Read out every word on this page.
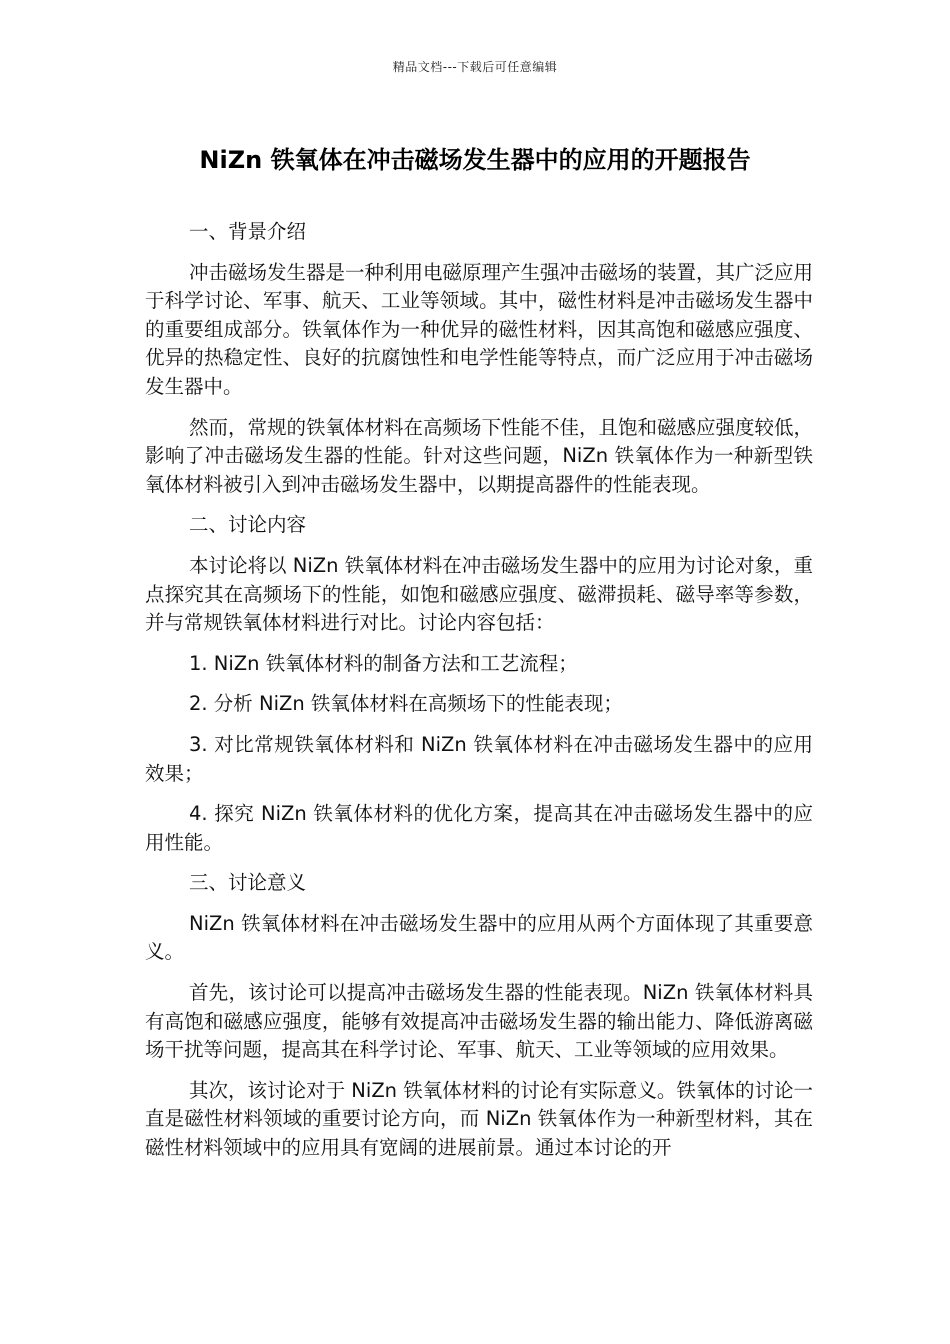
精品文档---下载后可任意编辑
NiZn 铁氧体在冲击磁场发生器中的应用的开题报告

一、背景介绍

冲击磁场发生器是一种利用电磁原理产生强冲击磁场的装置，其广泛应用于科学讨论、军事、航天、工业等领域。其中，磁性材料是冲击磁场发生器中的重要组成部分。铁氧体作为一种优异的磁性材料，因其高饱和磁感应强度、优异的热稳定性、良好的抗腐蚀性和电学性能等特点，而广泛应用于冲击磁场发生器中。

然而，常规的铁氧体材料在高频场下性能不佳，且饱和磁感应强度较低，影响了冲击磁场发生器的性能。针对这些问题，NiZn 铁氧体作为一种新型铁氧体材料被引入到冲击磁场发生器中，以期提高器件的性能表现。

二、讨论内容

本讨论将以 NiZn 铁氧体材料在冲击磁场发生器中的应用为讨论对象，重点探究其在高频场下的性能，如饱和磁感应强度、磁滞损耗、磁导率等参数，并与常规铁氧体材料进行对比。讨论内容包括：

1. NiZn 铁氧体材料的制备方法和工艺流程；

2. 分析 NiZn 铁氧体材料在高频场下的性能表现；

3. 对比常规铁氧体材料和 NiZn 铁氧体材料在冲击磁场发生器中的应用效果；

4. 探究 NiZn 铁氧体材料的优化方案，提高其在冲击磁场发生器中的应用性能。

三、讨论意义

NiZn 铁氧体材料在冲击磁场发生器中的应用从两个方面体现了其重要意义。

首先，该讨论可以提高冲击磁场发生器的性能表现。NiZn 铁氧体材料具有高饱和磁感应强度，能够有效提高冲击磁场发生器的输出能力、降低游离磁场干扰等问题，提高其在科学讨论、军事、航天、工业等领域的应用效果。

其次，该讨论对于 NiZn 铁氧体材料的讨论有实际意义。铁氧体的讨论一直是磁性材料领域的重要讨论方向，而 NiZn 铁氧体作为一种新型材料，其在磁性材料领域中的应用具有宽阔的进展前景。通过本讨论的开
